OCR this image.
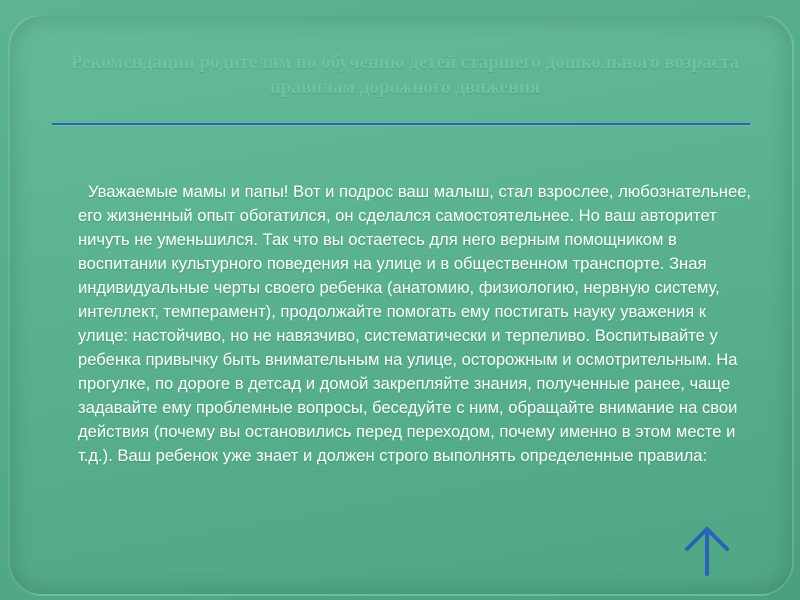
Рекомендации родителям по обучению детей старшего дошкольного возраста правилам дорожного движения
Уважаемые мамы и папы! Вот и подрос ваш малыш, стал взрослее, любознательнее, его жизненный опыт обогатился, он сделался самостоятельнее. Но ваш авторитет ничуть не уменьшился. Так что вы остаетесь для него верным помощником в воспитании культурного поведения на улице и в общественном транспорте. Зная индивидуальные черты своего ребенка (анатомию, физиологию, нервную систему, интеллект, темперамент), продолжайте помогать ему постигать науку уважения к улице: настойчиво, но не навязчиво, систематически и терпеливо. Воспитывайте у ребенка привычку быть внимательным на улице, осторожным и осмотрительным. На прогулке, по дороге в детсад и домой закрепляйте знания, полученные ранее, чаще задавайте ему проблемные вопросы, беседуйте с ним, обращайте внимание на свои действия (почему вы остановились перед переходом, почему именно в этом месте и т.д.). Ваш ребенок уже знает и должен строго выполнять определенные правила:
